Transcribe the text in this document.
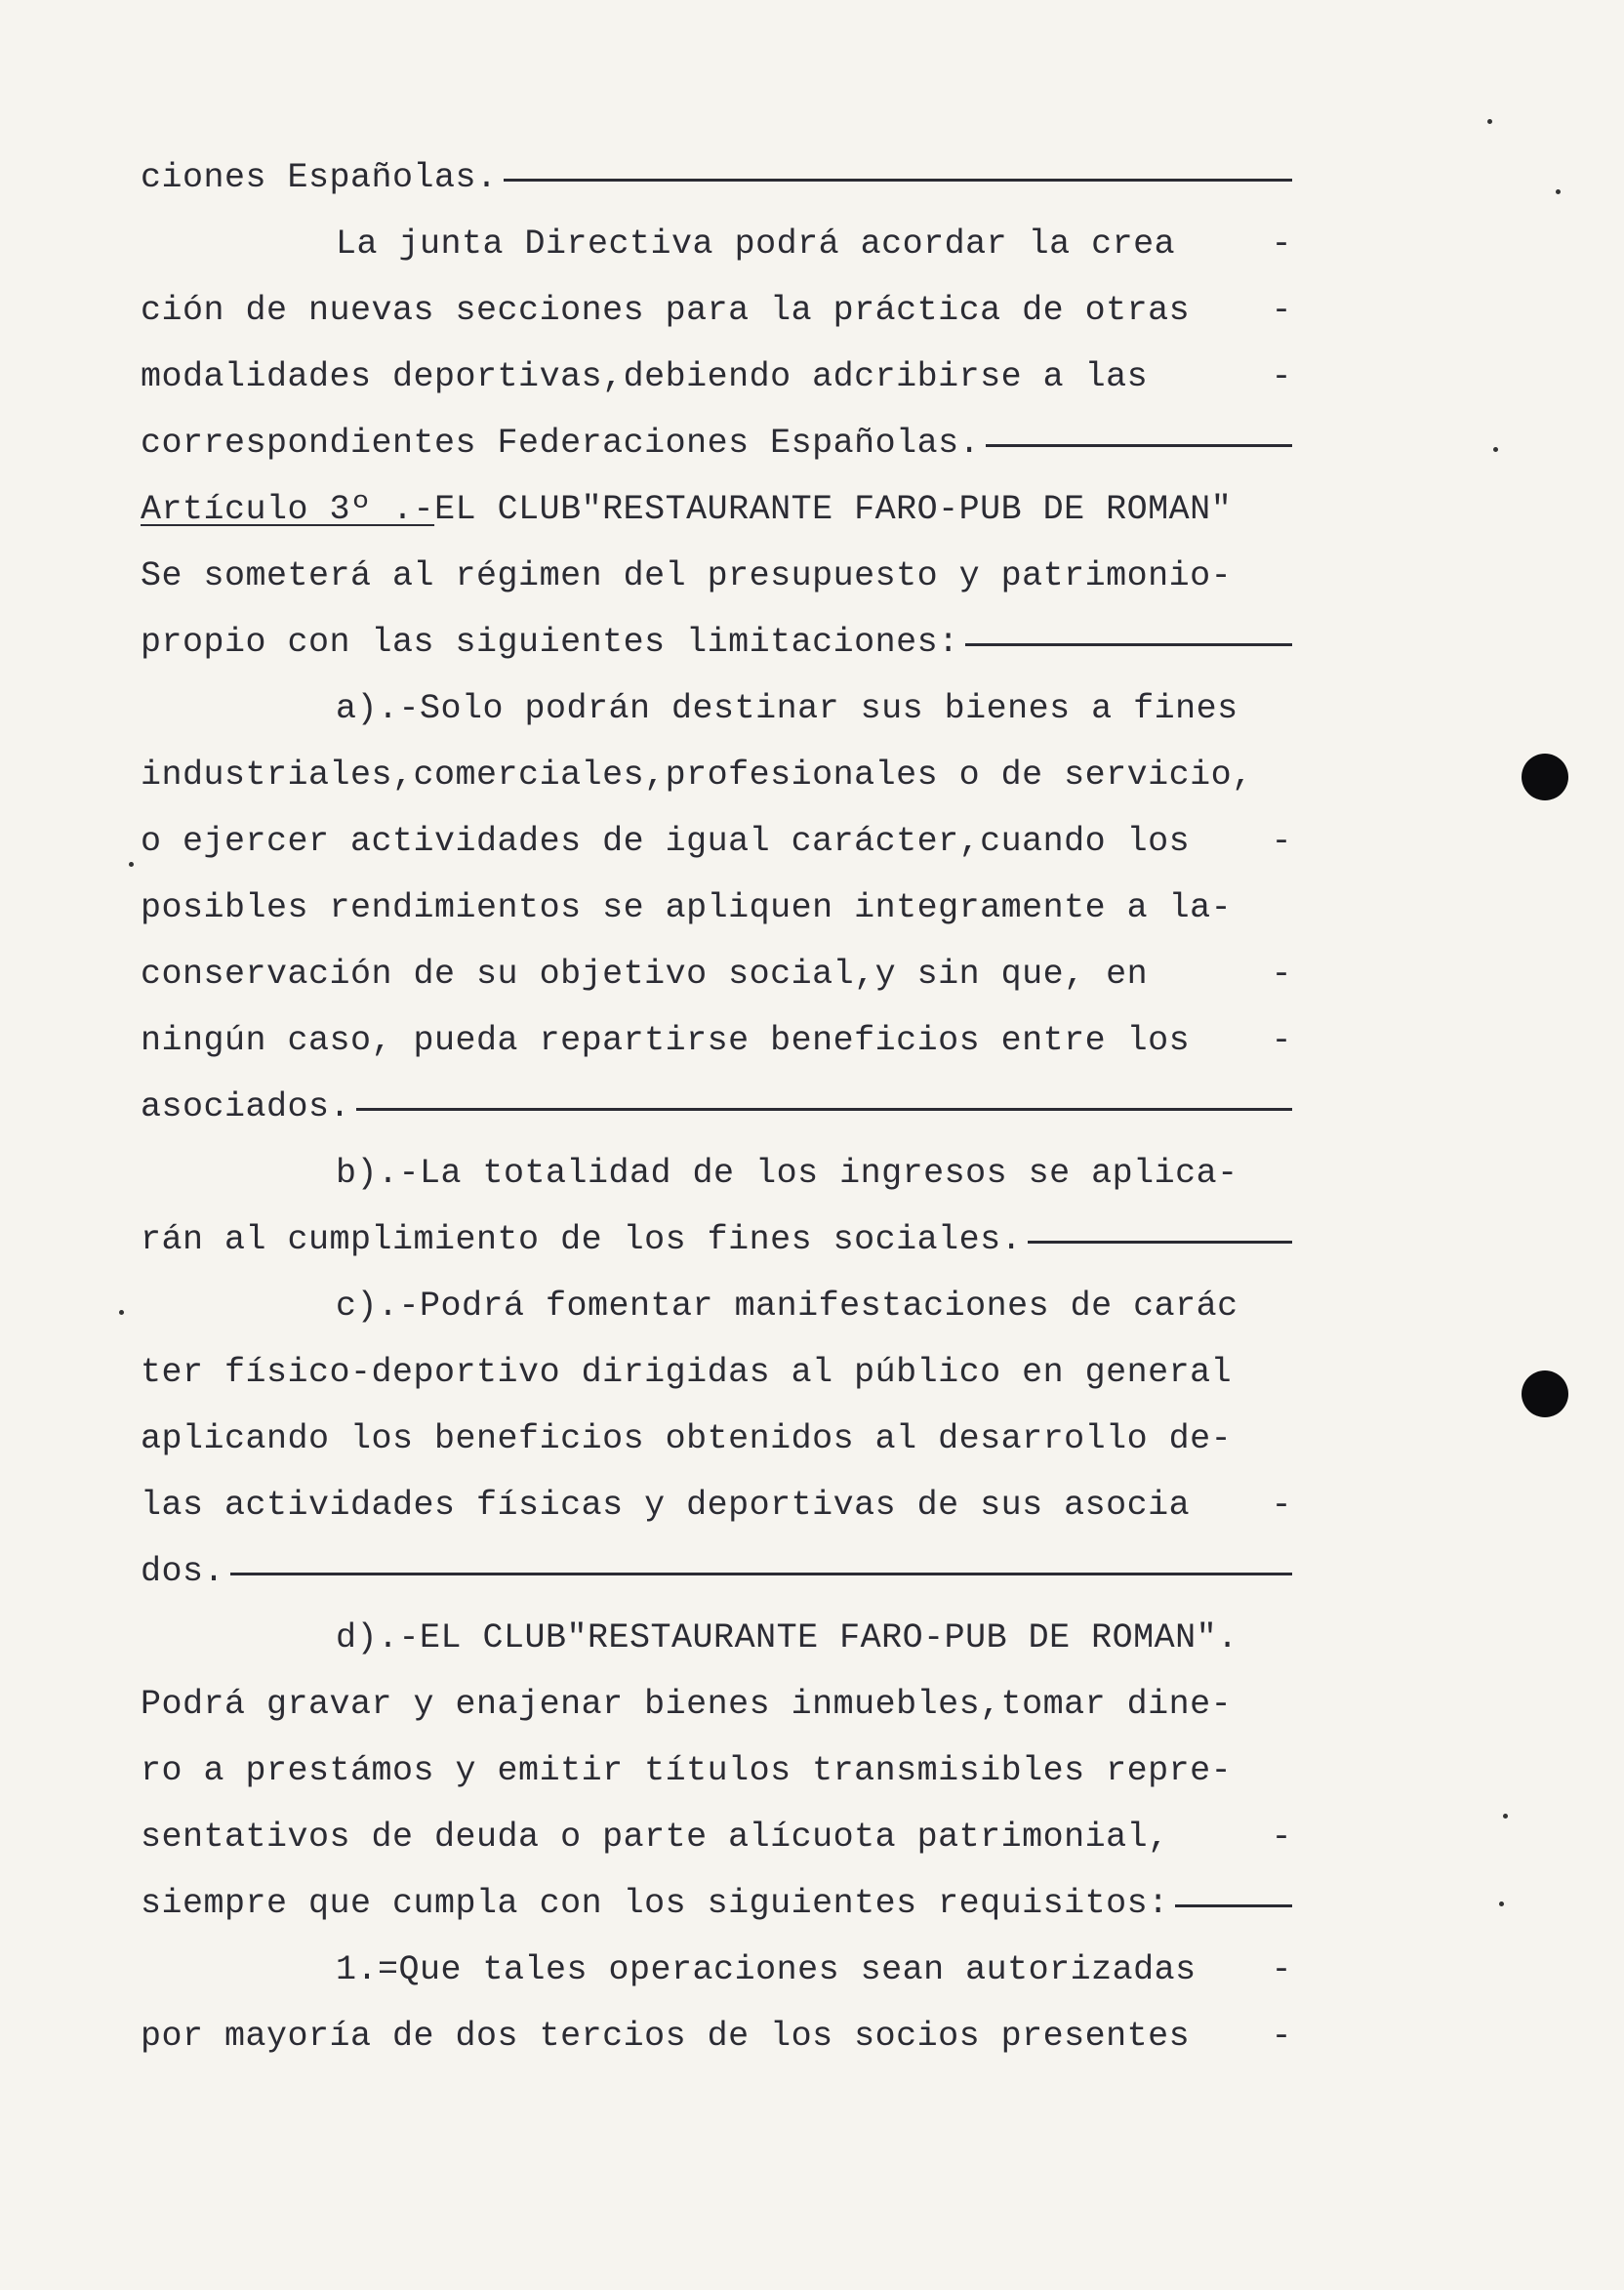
ciones Españolas.
La junta Directiva podrá acordar la crea	-
ción de nuevas secciones para la práctica de otras -
modalidades deportivas,debiendo adcribirse a las	-
correspondientes Federaciones Españolas.
Artículo 3º .- EL CLUB"RESTAURANTE FARO-PUB DE ROMAN"
Se someterá al régimen del presupuesto y patrimonio-
propio con las siguientes limitaciones:
a).-Solo podrán destinar sus bienes a fines
industriales,comerciales,profesionales o de servicio,
o ejercer actividades de igual carácter,cuando los -
posibles rendimientos se apliquen integramente a la-
conservación de su objetivo social,y sin que, en	-
ningún caso, pueda repartirse beneficios entre los -
asociados.
b).-La totalidad de los ingresos se aplica-
rán al cumplimiento de los fines sociales.
c).-Podrá fomentar manifestaciones de carác
ter físico-deportivo dirigidas al público en general
aplicando los beneficios obtenidos al desarrollo de-
las actividades físicas y deportivas de sus asocia -
dos.
d).-EL CLUB"RESTAURANTE FARO-PUB DE ROMAN".
Podrá gravar y enajenar bienes inmuebles,tomar dine-
ro a prestámos y emitir títulos transmisibles repre-
sentativos de deuda o parte alícuota patrimonial,	-
siempre que cumpla con los siguientes requisitos:
1.=Que tales operaciones sean autorizadas -
por mayoría de dos tercios de los socios presentes -
